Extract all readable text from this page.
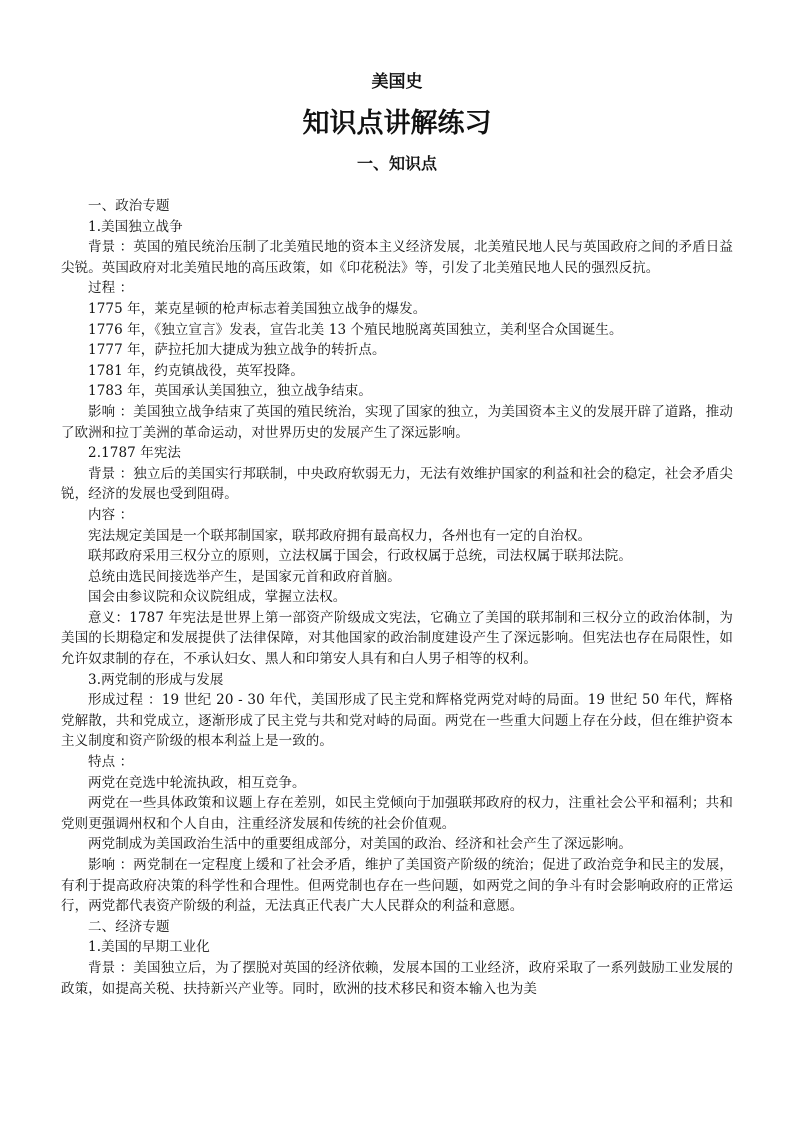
美国史
知识点讲解练习
一、知识点

一、政治专题

1.美国独立战争

背景 ：英国的殖民统治压制了北美殖民地的资本主义经济发展，北美殖民地人民与英国政府之间的矛盾日益尖锐。英国政府对北美殖民地的高压政策，如《印花税法》等，引发了北美殖民地人民的强烈反抗。

过程 ：

1775 年，莱克星顿的枪声标志着美国独立战争的爆发。

1776 年，《独立宣言》发表，宣告北美 13 个殖民地脱离英国独立，美利坚合众国诞生。

1777 年，萨拉托加大捷成为独立战争的转折点。

1781 年，约克镇战役，英军投降。

1783 年，英国承认美国独立，独立战争结束。

影响 ：美国独立战争结束了英国的殖民统治，实现了国家的独立，为美国资本主义的发展开辟了道路，推动了欧洲和拉丁美洲的革命运动，对世界历史的发展产生了深远影响。

2.1787 年宪法

背景 ：独立后的美国实行邦联制，中央政府软弱无力，无法有效维护国家的利益和社会的稳定，社会矛盾尖锐，经济的发展也受到阻碍。

内容 ：

宪法规定美国是一个联邦制国家，联邦政府拥有最高权力，各州也有一定的自治权。

联邦政府采用三权分立的原则，立法权属于国会，行政权属于总统，司法权属于联邦法院。

总统由选民间接选举产生，是国家元首和政府首脑。

国会由参议院和众议院组成，掌握立法权。

意义：1787 年宪法是世界上第一部资产阶级成文宪法，它确立了美国的联邦制和三权分立的政治体制，为美国的长期稳定和发展提供了法律保障，对其他国家的政治制度建设产生了深远影响。但宪法也存在局限性，如允许奴隶制的存在，不承认妇女、黑人和印第安人具有和白人男子相等的权利。

3.两党制的形成与发展

形成过程 ：19 世纪 20 - 30 年代，美国形成了民主党和辉格党两党对峙的局面。19 世纪 50 年代，辉格党解散，共和党成立，逐渐形成了民主党与共和党对峙的局面。两党在一些重大问题上存在分歧，但在维护资本主义制度和资产阶级的根本利益上是一致的。

特点 ：

两党在竞选中轮流执政，相互竞争。

两党在一些具体政策和议题上存在差别，如民主党倾向于加强联邦政府的权力，注重社会公平和福利；共和党则更强调州权和个人自由，注重经济发展和传统的社会价值观。

两党制成为美国政治生活中的重要组成部分，对美国的政治、经济和社会产生了深远影响。

影响 ：两党制在一定程度上缓和了社会矛盾，维护了美国资产阶级的统治；促进了政治竞争和民主的发展，有利于提高政府决策的科学性和合理性。但两党制也存在一些问题，如两党之间的争斗有时会影响政府的正常运行，两党都代表资产阶级的利益，无法真正代表广大人民群众的利益和意愿。

二、经济专题

1.美国的早期工业化

背景 ：美国独立后，为了摆脱对英国的经济依赖，发展本国的工业经济，政府采取了一系列鼓励工业发展的政策，如提高关税、扶持新兴产业等。同时，欧洲的技术移民和资本输入也为美
